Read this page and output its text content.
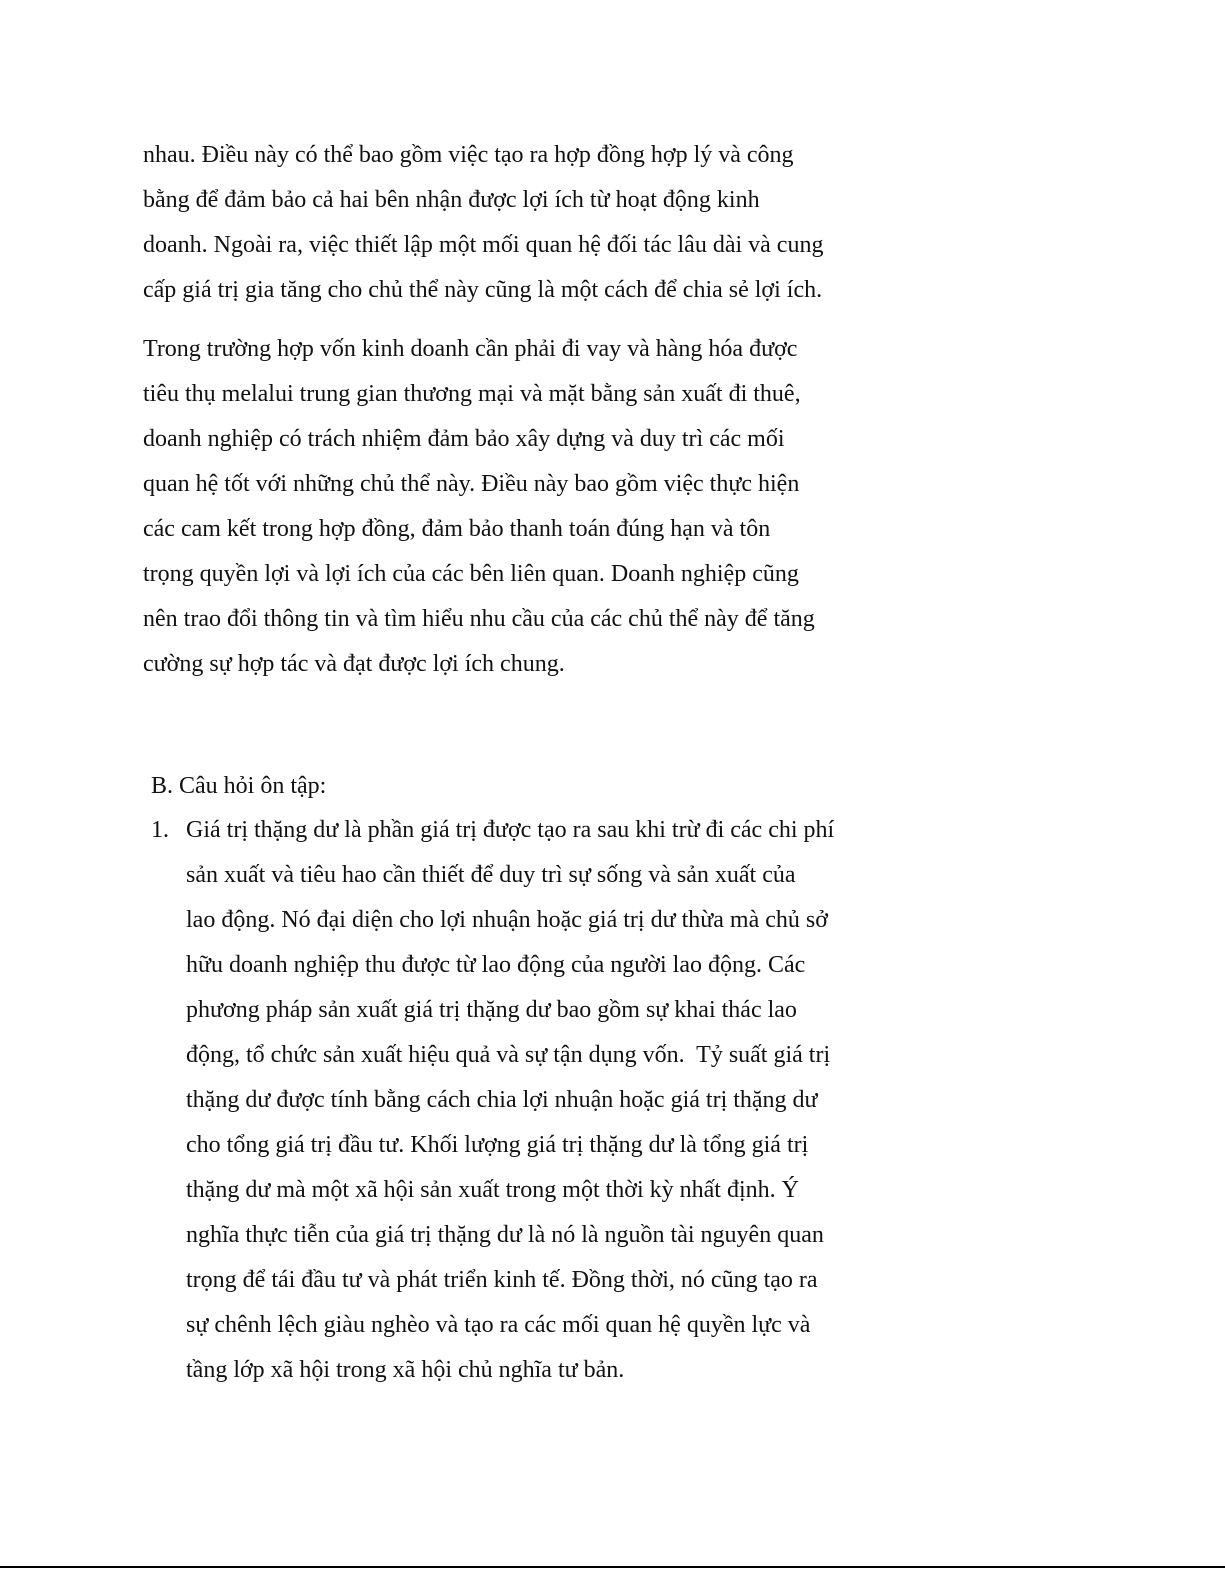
nhau. Điều này có thể bao gồm việc tạo ra hợp đồng hợp lý và công
bằng để đảm bảo cả hai bên nhận được lợi ích từ hoạt động kinh
doanh. Ngoài ra, việc thiết lập một mối quan hệ đối tác lâu dài và cung
cấp giá trị gia tăng cho chủ thể này cũng là một cách để chia sẻ lợi ích.

Trong trường hợp vốn kinh doanh cần phải đi vay và hàng hóa được
tiêu thụ melalui trung gian thương mại và mặt bằng sản xuất đi thuê,
doanh nghiệp có trách nhiệm đảm bảo xây dựng và duy trì các mối
quan hệ tốt với những chủ thể này. Điều này bao gồm việc thực hiện
các cam kết trong hợp đồng, đảm bảo thanh toán đúng hạn và tôn
trọng quyền lợi và lợi ích của các bên liên quan. Doanh nghiệp cũng
nên trao đổi thông tin và tìm hiểu nhu cầu của các chủ thể này để tăng
cường sự hợp tác và đạt được lợi ích chung.

B. Câu hỏi ôn tập:
1. Giá trị thặng dư là phần giá trị được tạo ra sau khi trừ đi các chi phí
sản xuất và tiêu hao cần thiết để duy trì sự sống và sản xuất của
lao động. Nó đại diện cho lợi nhuận hoặc giá trị dư thừa mà chủ sở
hữu doanh nghiệp thu được từ lao động của người lao động. Các
phương pháp sản xuất giá trị thặng dư bao gồm sự khai thác lao
động, tổ chức sản xuất hiệu quả và sự tận dụng vốn.  Tỷ suất giá trị
thặng dư được tính bằng cách chia lợi nhuận hoặc giá trị thặng dư
cho tổng giá trị đầu tư. Khối lượng giá trị thặng dư là tổng giá trị
thặng dư mà một xã hội sản xuất trong một thời kỳ nhất định. Ý
nghĩa thực tiễn của giá trị thặng dư là nó là nguồn tài nguyên quan
trọng để tái đầu tư và phát triển kinh tế. Đồng thời, nó cũng tạo ra
sự chênh lệch giàu nghèo và tạo ra các mối quan hệ quyền lực và
tầng lớp xã hội trong xã hội chủ nghĩa tư bản.
